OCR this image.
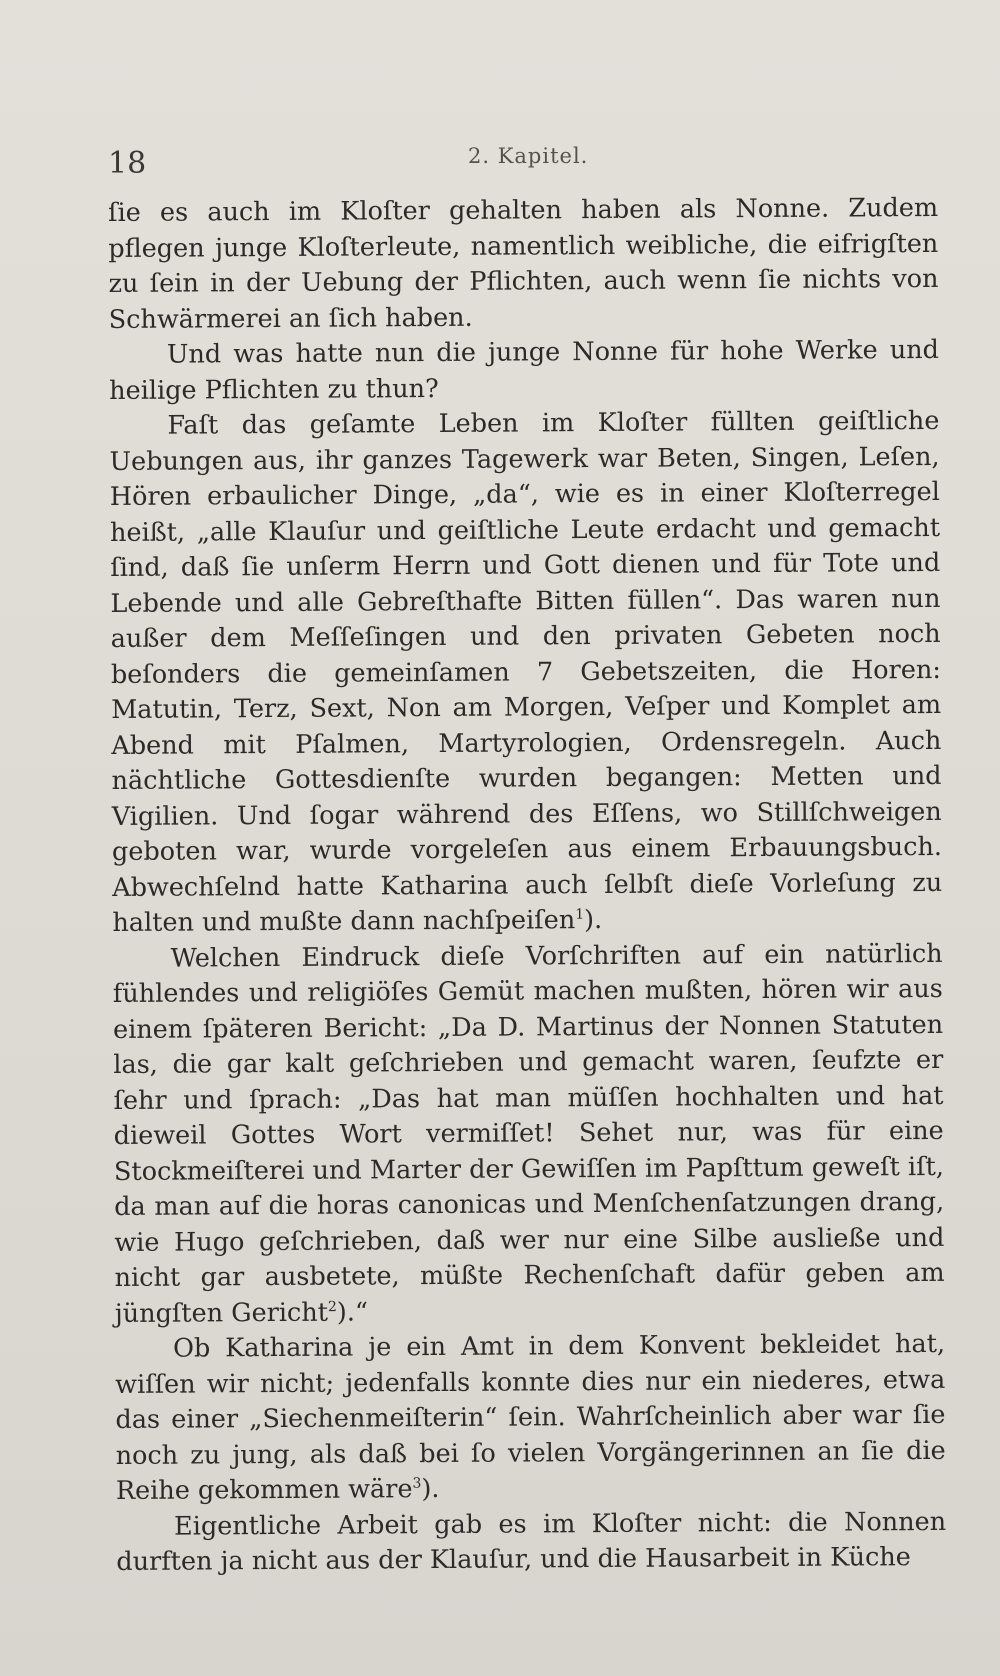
18	2. Kapitel.

ſie es auch im Kloſter gehalten haben als Nonne. Zudem pflegen junge Kloſterleute, namentlich weibliche, die eifrigſten zu ſein in der Uebung der Pflichten, auch wenn ſie nichts von Schwärmerei an ſich haben.

Und was hatte nun die junge Nonne für hohe Werke und heilige Pflichten zu thun?

Faſt das geſamte Leben im Kloſter füllten geiſtliche Uebungen aus, ihr ganzes Tagewerk war Beten, Singen, Leſen, Hören erbaulicher Dinge, „da“, wie es in einer Kloſterregel heißt, „alle Klauſur und geiſtliche Leute erdacht und gemacht ſind, daß ſie unſerm Herrn und Gott dienen und für Tote und Lebende und alle Gebreſthafte Bitten füllen“. Das waren nun außer dem Meſſeſingen und den privaten Gebeten noch beſonders die gemeinſamen 7 Gebetszeiten, die Horen: Matutin, Terz, Sext, Non am Morgen, Veſper und Komplet am Abend mit Pſalmen, Martyrologien, Ordensregeln. Auch nächtliche Gottesdienſte wurden begangen: Metten und Vigilien. Und ſogar während des Eſſens, wo Stillſchweigen geboten war, wurde vorgeleſen aus einem Erbauungsbuch. Abwechſelnd hatte Katharina auch ſelbſt dieſe Vorleſung zu halten und mußte dann nachſpeiſen$^1$).

Welchen Eindruck dieſe Vorſchriften auf ein natürlich fühlendes und religiöſes Gemüt machen mußten, hören wir aus einem ſpäteren Bericht: „Da D. Martinus der Nonnen Statuten las, die gar kalt geſchrieben und gemacht waren, ſeufzte er ſehr und ſprach: „Das hat man müſſen hochhalten und hat dieweil Gottes Wort vermiſſet! Sehet nur, was für eine Stockmeiſterei und Marter der Gewiſſen im Papſttum geweſt iſt, da man auf die horas canonicas und Menſchenſatzungen drang, wie Hugo geſchrieben, daß wer nur eine Silbe ausließe und nicht gar ausbetete, müßte Rechenſchaft dafür geben am jüngſten Gericht$^2$).“

Ob Katharina je ein Amt in dem Konvent bekleidet hat, wiſſen wir nicht; jedenfalls konnte dies nur ein niederes, etwa das einer „Siechenmeiſterin“ ſein. Wahrſcheinlich aber war ſie noch zu jung, als daß bei ſo vielen Vorgängerinnen an ſie die Reihe gekommen wäre$^3$).

Eigentliche Arbeit gab es im Kloſter nicht: die Nonnen durften ja nicht aus der Klauſur, und die Hausarbeit in Küche
